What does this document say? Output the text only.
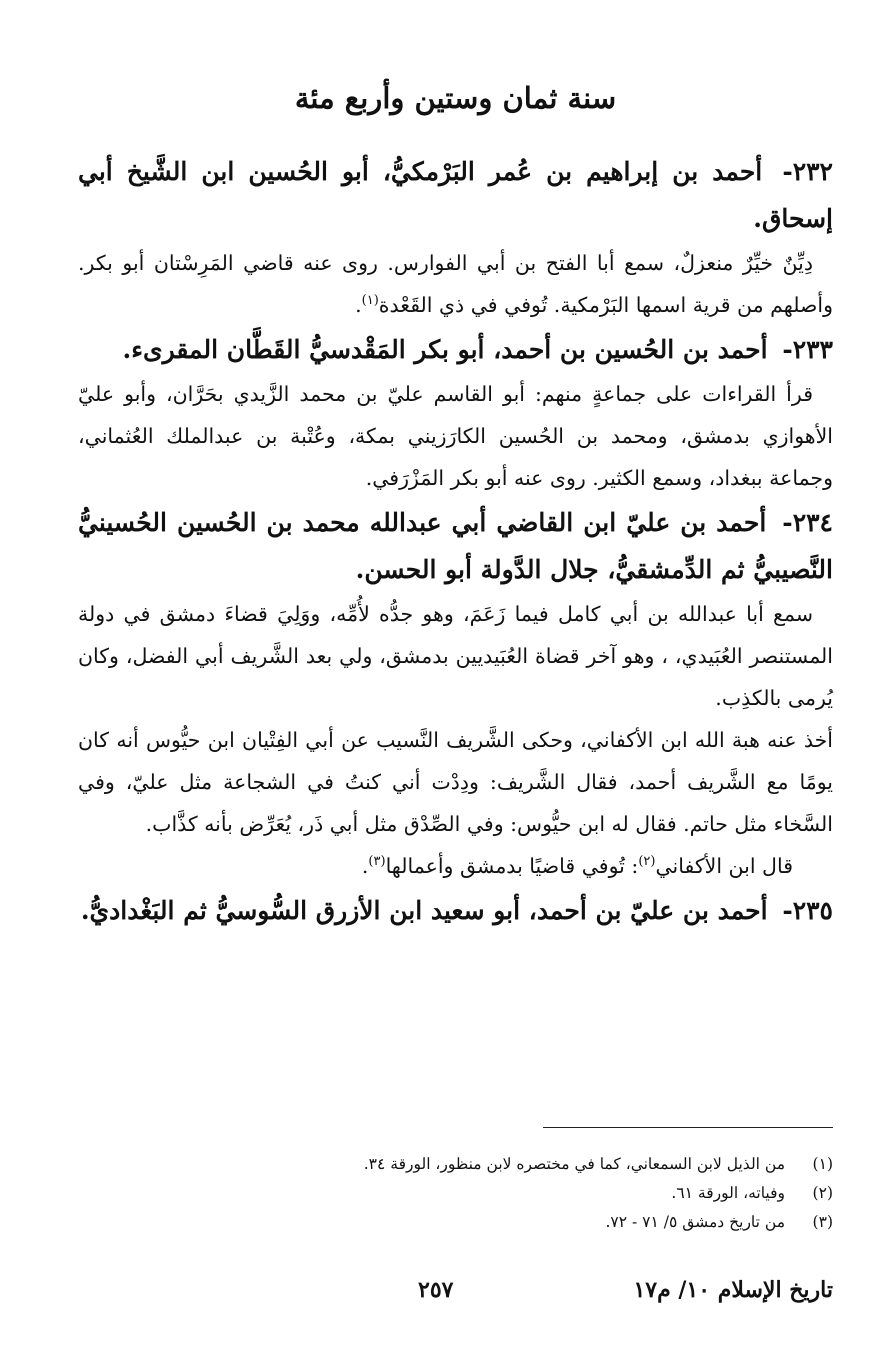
سنة ثمان وستين وأربع مئة

٢٣٢- أحمد بن إبراهيم بن عُمر البَرْمكيُّ، أبو الحُسين ابن الشَّيخ أبي إسحاق.

دِيِّنٌ خيِّرٌ منعزلٌ، سمع أبا الفتح بن أبي الفوارس. روى عنه قاضي المَرِسْتان أبو بكر. وأصلهم من قرية اسمها البَرْمكية. تُوفي في ذي القَعْدة$^{(١)}$.

٢٣٣- أحمد بن الحُسين بن أحمد، أبو بكر المَقْدسيُّ القَطَّان المقرىء.

قرأ القراءات على جماعةٍ منهم: أبو القاسم عليّ بن محمد الزَّيدي بحَرَّان، وأبو عليّ الأهوازي بدمشق، ومحمد بن الحُسين الكارَزيني بمكة، وعُتْبة بن عبدالملك العُثماني، وجماعة ببغداد، وسمع الكثير. روى عنه أبو بكر المَزْرَفي.

٢٣٤- أحمد بن عليّ ابن القاضي أبي عبدالله محمد بن الحُسين الحُسينيُّ النَّصيبيُّ ثم الدِّمشقيُّ، جلال الدَّولة أبو الحسن.

سمع أبا عبدالله بن أبي كامل فيما زَعَمَ، وهو جدُّه لأُمِّه، ووَلِيَ قضاءَ دمشق في دولة المستنصر العُبَيدي، ، وهو آخر قضاة العُبَيديين بدمشق، ولي بعد الشَّريف أبي الفضل، وكان يُرمى بالكذِب.

أخذ عنه هبة الله ابن الأكفاني، وحكى الشَّريف النَّسيب عن أبي الفِتْيان ابن حيُّوس أنه كان يومًا مع الشَّريف أحمد، فقال الشَّريف: ودِدْت أني كنتُ في الشجاعة مثل عليّ، وفي السَّخاء مثل حاتم. فقال له ابن حيُّوس: وفي الصِّدْق مثل أبي ذَر، يُعَرِّض بأنه كذَّاب.

قال ابن الأكفاني$^{(٢)}$: تُوفي قاضيًا بدمشق وأعمالها$^{(٣)}$.

٢٣٥- أحمد بن عليّ بن أحمد، أبو سعيد ابن الأزرق السُّوسيُّ ثم البَغْداديُّ.

(١)
من الذيل لابن السمعاني، كما في مختصره لابن منظور، الورقة ٣٤.

(٢)
وفياته، الورقة ٦١.

(٣)
من تاريخ دمشق ٥/ ٧١ - ٧٢.

تاريخ الإسلام ١٠/ م١٧
٢٥٧
